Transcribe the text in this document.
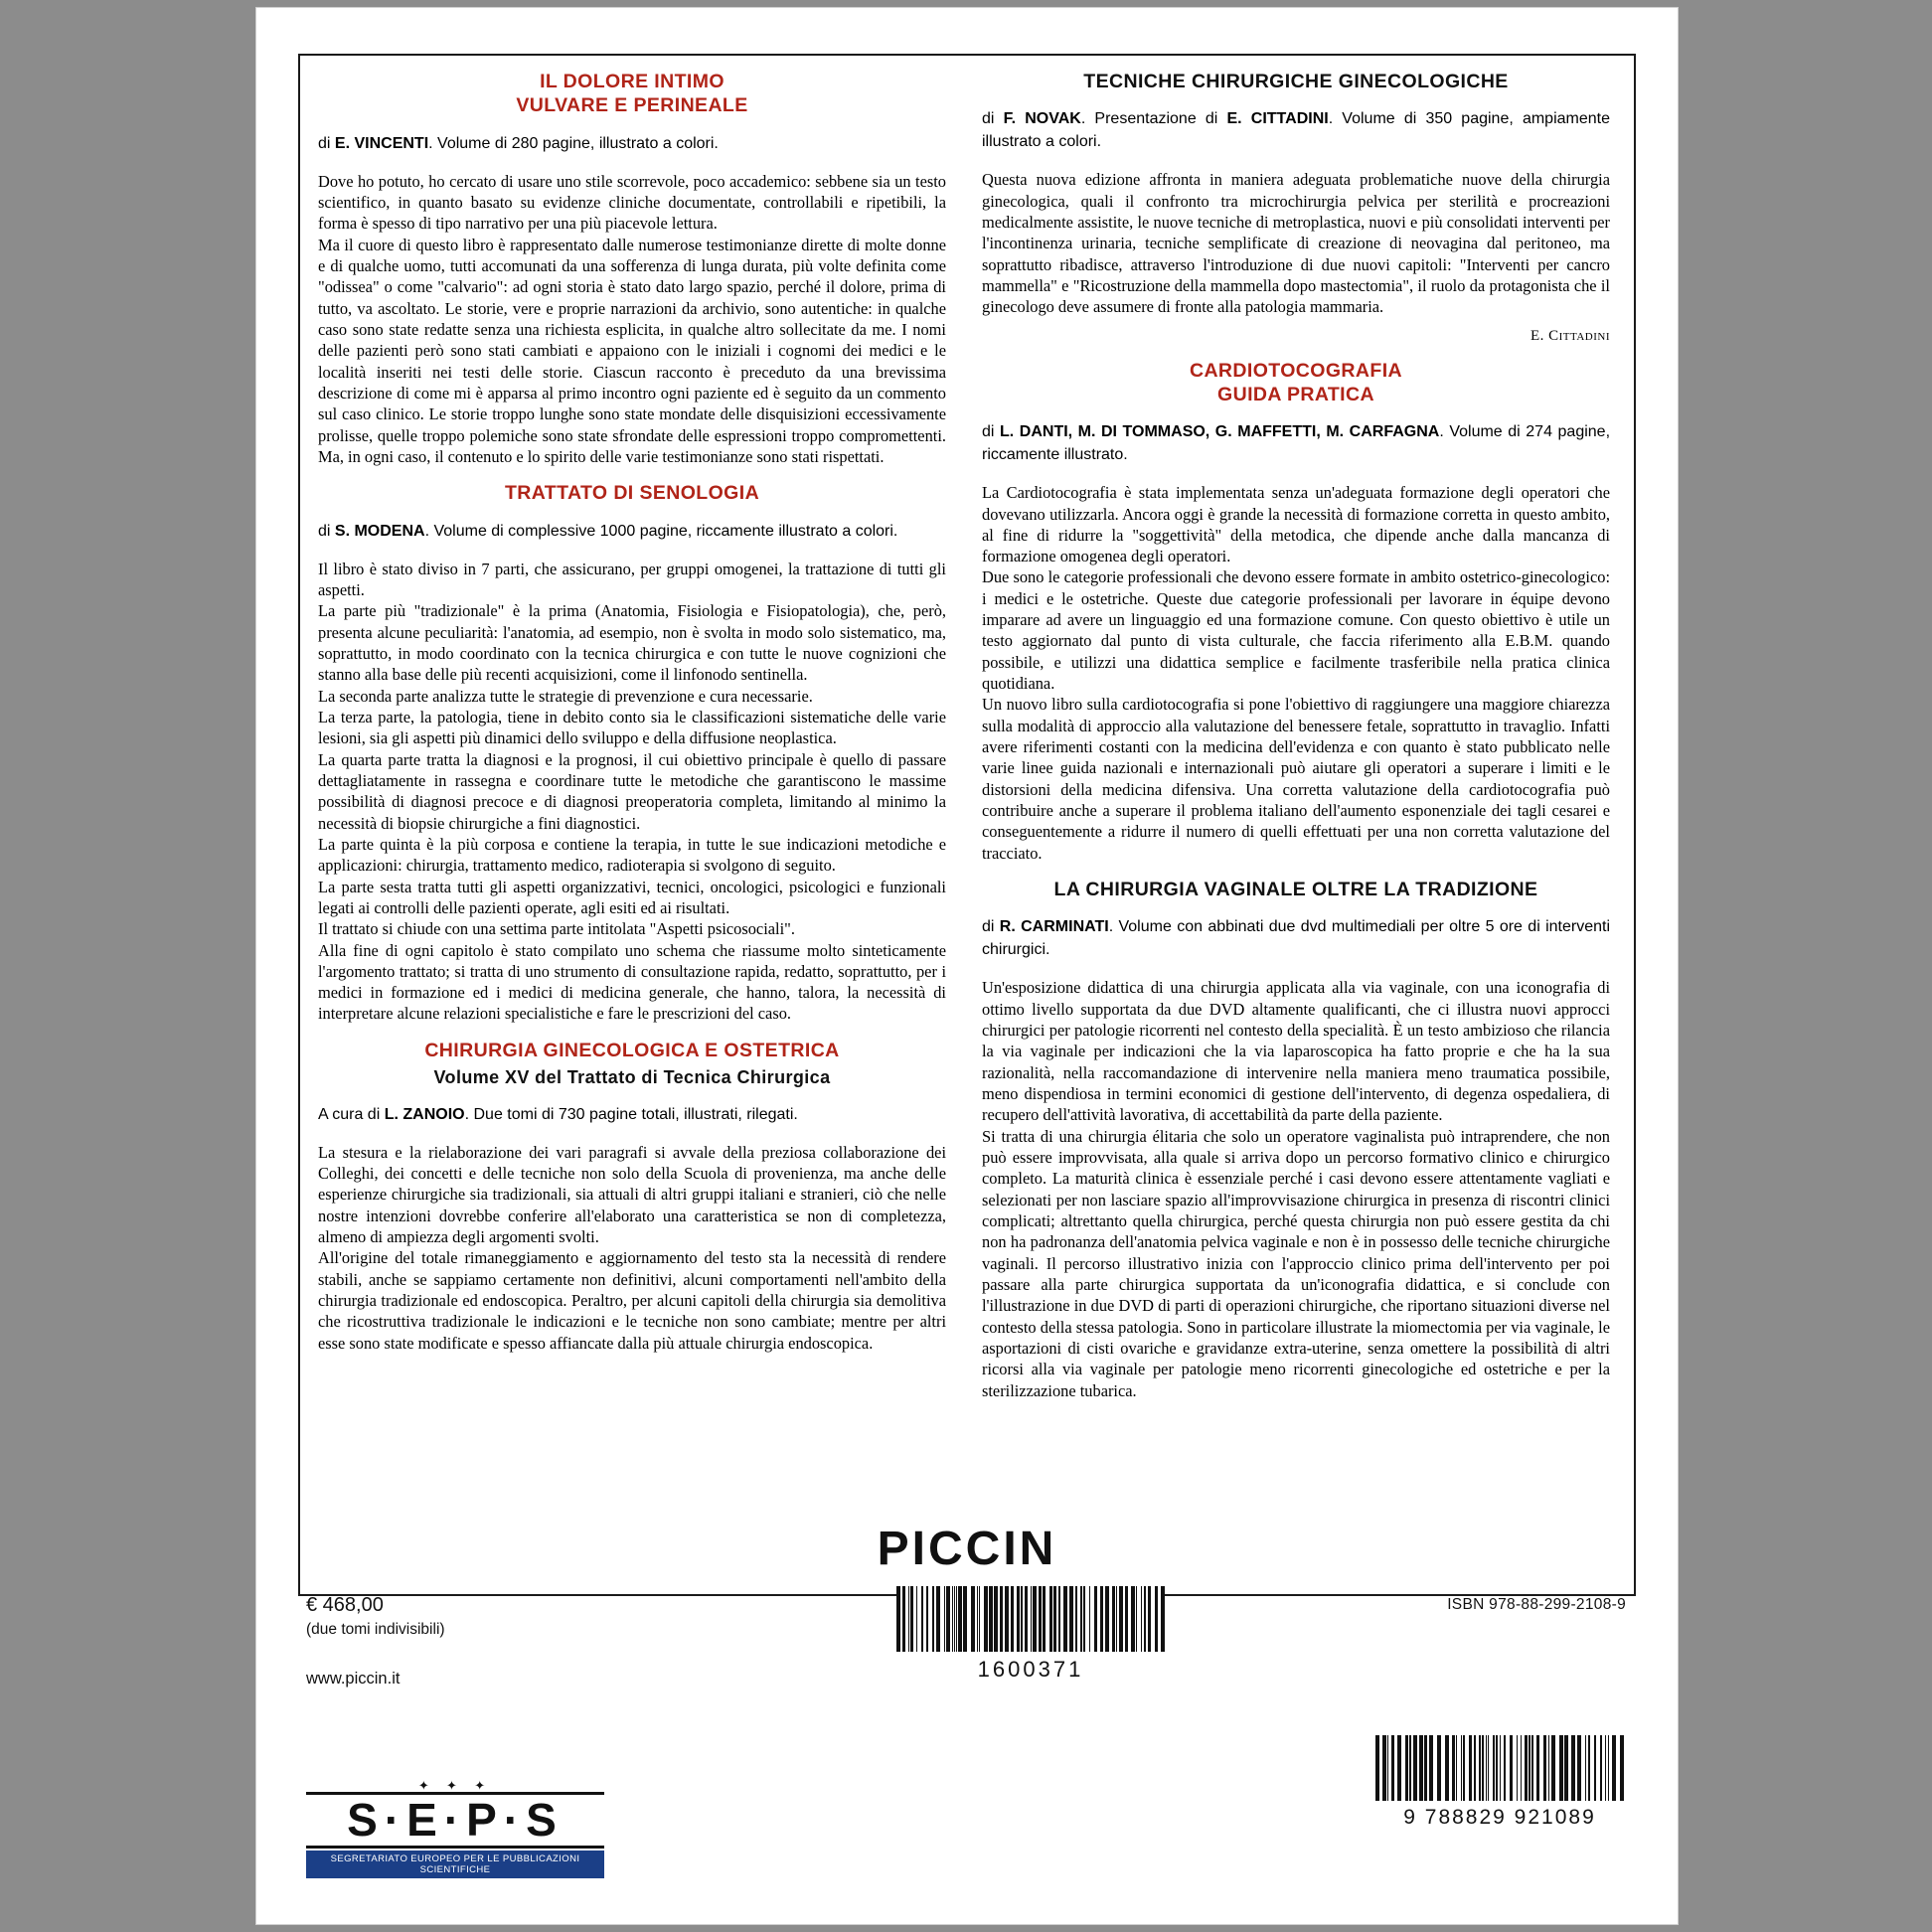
IL DOLORE INTIMO
VULVARE E PERINEALE

di E. VINCENTI. Volume di 280 pagine, illustrato a colori.

Dove ho potuto, ho cercato di usare uno stile scorrevole, poco accademico: sebbene sia un testo scientifico, in quanto basato su evidenze cliniche documentate, controllabili e ripetibili, la forma è spesso di tipo narrativo per una più piacevole lettura.

Ma il cuore di questo libro è rappresentato dalle numerose testimonianze dirette di molte donne e di qualche uomo, tutti accomunati da una sofferenza di lunga durata, più volte definita come "odissea" o come "calvario": ad ogni storia è stato dato largo spazio, perché il dolore, prima di tutto, va ascoltato. Le storie, vere e proprie narrazioni da archivio, sono autentiche: in qualche caso sono state redatte senza una richiesta esplicita, in qualche altro sollecitate da me. I nomi delle pazienti però sono stati cambiati e appaiono con le iniziali i cognomi dei medici e le località inseriti nei testi delle storie. Ciascun racconto è preceduto da una brevissima descrizione di come mi è apparsa al primo incontro ogni paziente ed è seguito da un commento sul caso clinico. Le storie troppo lunghe sono state mondate delle disquisizioni eccessivamente prolisse, quelle troppo polemiche sono state sfrondate delle espressioni troppo compromettenti. Ma, in ogni caso, il contenuto e lo spirito delle varie testimonianze sono stati rispettati.

TRATTATO DI SENOLOGIA

di S. MODENA. Volume di complessive 1000 pagine, riccamente illustrato a colori.

Il libro è stato diviso in 7 parti, che assicurano, per gruppi omogenei, la trattazione di tutti gli aspetti.

La parte più "tradizionale" è la prima (Anatomia, Fisiologia e Fisiopatologia), che, però, presenta alcune peculiarità: l'anatomia, ad esempio, non è svolta in modo solo sistematico, ma, soprattutto, in modo coordinato con la tecnica chirurgica e con tutte le nuove cognizioni che stanno alla base delle più recenti acquisizioni, come il linfonodo sentinella.

La seconda parte analizza tutte le strategie di prevenzione e cura necessarie.

La terza parte, la patologia, tiene in debito conto sia le classificazioni sistematiche delle varie lesioni, sia gli aspetti più dinamici dello sviluppo e della diffusione neoplastica.

La quarta parte tratta la diagnosi e la prognosi, il cui obiettivo principale è quello di passare dettagliatamente in rassegna e coordinare tutte le metodiche che garantiscono le massime possibilità di diagnosi precoce e di diagnosi preoperatoria completa, limitando al minimo la necessità di biopsie chirurgiche a fini diagnostici.

La parte quinta è la più corposa e contiene la terapia, in tutte le sue indicazioni metodiche e applicazioni: chirurgia, trattamento medico, radioterapia si svolgono di seguito.

La parte sesta tratta tutti gli aspetti organizzativi, tecnici, oncologici, psicologici e funzionali legati ai controlli delle pazienti operate, agli esiti ed ai risultati.

Il trattato si chiude con una settima parte intitolata "Aspetti psicosociali".

Alla fine di ogni capitolo è stato compilato uno schema che riassume molto sinteticamente l'argomento trattato; si tratta di uno strumento di consultazione rapida, redatto, soprattutto, per i medici in formazione ed i medici di medicina generale, che hanno, talora, la necessità di interpretare alcune relazioni specialistiche e fare le prescrizioni del caso.

CHIRURGIA GINECOLOGICA E OSTETRICA
Volume XV del Trattato di Tecnica Chirurgica

A cura di L. ZANOIO. Due tomi di 730 pagine totali, illustrati, rilegati.

La stesura e la rielaborazione dei vari paragrafi si avvale della preziosa collaborazione dei Colleghi, dei concetti e delle tecniche non solo della Scuola di provenienza, ma anche delle esperienze chirurgiche sia tradizionali, sia attuali di altri gruppi italiani e stranieri, ciò che nelle nostre intenzioni dovrebbe conferire all'elaborato una caratteristica se non di completezza, almeno di ampiezza degli argomenti svolti.

All'origine del totale rimaneggiamento e aggiornamento del testo sta la necessità di rendere stabili, anche se sappiamo certamente non definitivi, alcuni comportamenti nell'ambito della chirurgia tradizionale ed endoscopica. Peraltro, per alcuni capitoli della chirurgia sia demolitiva che ricostruttiva tradizionale le indicazioni e le tecniche non sono cambiate; mentre per altri esse sono state modificate e spesso affiancate dalla più attuale chirurgia endoscopica.

TECNICHE CHIRURGICHE GINECOLOGICHE

di F. NOVAK. Presentazione di E. CITTADINI. Volume di 350 pagine, ampiamente illustrato a colori.

Questa nuova edizione affronta in maniera adeguata problematiche nuove della chirurgia ginecologica, quali il confronto tra microchirurgia pelvica per sterilità e procreazioni medicalmente assistite, le nuove tecniche di metroplastica, nuovi e più consolidati interventi per l'incontinenza urinaria, tecniche semplificate di creazione di neovagina dal peritoneo, ma soprattutto ribadisce, attraverso l'introduzione di due nuovi capitoli: "Interventi per cancro mammella" e "Ricostruzione della mammella dopo mastectomia", il ruolo da protagonista che il ginecologo deve assumere di fronte alla patologia mammaria.

E. Cittadini
CARDIOTOCOGRAFIA
GUIDA PRATICA

di L. DANTI, M. DI TOMMASO, G. MAFFETTI, M. CARFAGNA. Volume di 274 pagine, riccamente illustrato.

La Cardiotocografia è stata implementata senza un'adeguata formazione degli operatori che dovevano utilizzarla. Ancora oggi è grande la necessità di formazione corretta in questo ambito, al fine di ridurre la "soggettività" della metodica, che dipende anche dalla mancanza di formazione omogenea degli operatori.

Due sono le categorie professionali che devono essere formate in ambito ostetrico-ginecologico: i medici e le ostetriche. Queste due categorie professionali per lavorare in équipe devono imparare ad avere un linguaggio ed una formazione comune. Con questo obiettivo è utile un testo aggiornato dal punto di vista culturale, che faccia riferimento alla E.B.M. quando possibile, e utilizzi una didattica semplice e facilmente trasferibile nella pratica clinica quotidiana.

Un nuovo libro sulla cardiotocografia si pone l'obiettivo di raggiungere una maggiore chiarezza sulla modalità di approccio alla valutazione del benessere fetale, soprattutto in travaglio. Infatti avere riferimenti costanti con la medicina dell'evidenza e con quanto è stato pubblicato nelle varie linee guida nazionali e internazionali può aiutare gli operatori a superare i limiti e le distorsioni della medicina difensiva. Una corretta valutazione della cardiotocografia può contribuire anche a superare il problema italiano dell'aumento esponenziale dei tagli cesarei e conseguentemente a ridurre il numero di quelli effettuati per una non corretta valutazione del tracciato.

LA CHIRURGIA VAGINALE OLTRE LA TRADIZIONE

di R. CARMINATI. Volume con abbinati due dvd multimediali per oltre 5 ore di interventi chirurgici.

Un'esposizione didattica di una chirurgia applicata alla via vaginale, con una iconografia di ottimo livello supportata da due DVD altamente qualificanti, che ci illustra nuovi approcci chirurgici per patologie ricorrenti nel contesto della specialità. È un testo ambizioso che rilancia la via vaginale per indicazioni che la via laparoscopica ha fatto proprie e che ha la sua razionalità, nella raccomandazione di intervenire nella maniera meno traumatica possibile, meno dispendiosa in termini economici di gestione dell'intervento, di degenza ospedaliera, di recupero dell'attività lavorativa, di accettabilità da parte della paziente.

Si tratta di una chirurgia élitaria che solo un operatore vaginalista può intraprendere, che non può essere improvvisata, alla quale si arriva dopo un percorso formativo clinico e chirurgico completo. La maturità clinica è essenziale perché i casi devono essere attentamente vagliati e selezionati per non lasciare spazio all'improvvisazione chirurgica in presenza di riscontri clinici complicati; altrettanto quella chirurgica, perché questa chirurgia non può essere gestita da chi non ha padronanza dell'anatomia pelvica vaginale e non è in possesso delle tecniche chirurgiche vaginali. Il percorso illustrativo inizia con l'approccio clinico prima dell'intervento per poi passare alla parte chirurgica supportata da un'iconografia didattica, e si conclude con l'illustrazione in due DVD di parti di operazioni chirurgiche, che riportano situazioni diverse nel contesto della stessa patologia. Sono in particolare illustrate la miomectomia per via vaginale, le asportazioni di cisti ovariche e gravidanze extra-uterine, senza omettere la possibilità di altri ricorsi alla via vaginale per patologie meno ricorrenti ginecologiche ed ostetriche e per la sterilizzazione tubarica.

PICCIN
€ 468,00
(due tomi indivisibili)
www.piccin.it
ISBN 978-88-299-2108-9
1600371
9 788829 921089
✦ ✦ ✦
S·E·P·S
SEGRETARIATO EUROPEO PER LE PUBBLICAZIONI SCIENTIFICHE
